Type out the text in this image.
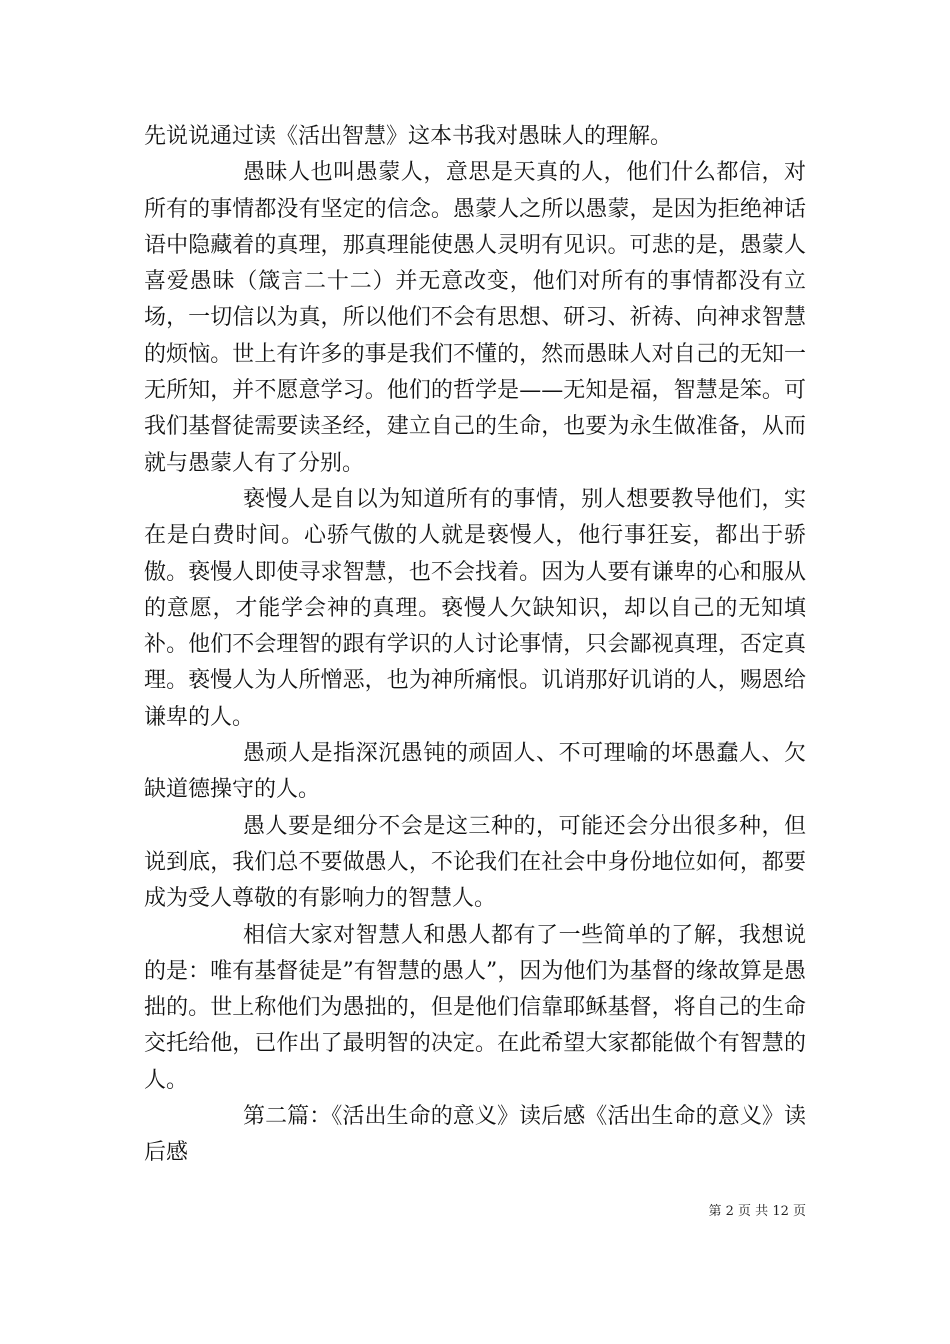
先说说通过读《活出智慧》这本书我对愚昧人的理解。

愚昧人也叫愚蒙人，意思是天真的人，他们什么都信，对所有的事情都没有坚定的信念。愚蒙人之所以愚蒙，是因为拒绝神话语中隐藏着的真理，那真理能使愚人灵明有见识。可悲的是，愚蒙人喜爱愚昧（箴言二十二）并无意改变，他们对所有的事情都没有立场，一切信以为真，所以他们不会有思想、研习、祈祷、向神求智慧的烦恼。世上有许多的事是我们不懂的，然而愚昧人对自己的无知一无所知，并不愿意学习。他们的哲学是——无知是福，智慧是笨。可我们基督徒需要读圣经，建立自己的生命，也要为永生做准备，从而就与愚蒙人有了分别。

亵慢人是自以为知道所有的事情，别人想要教导他们，实在是白费时间。心骄气傲的人就是亵慢人，他行事狂妄，都出于骄傲。亵慢人即使寻求智慧，也不会找着。因为人要有谦卑的心和服从的意愿，才能学会神的真理。亵慢人欠缺知识，却以自己的无知填补。他们不会理智的跟有学识的人讨论事情，只会鄙视真理，否定真理。亵慢人为人所憎恶，也为神所痛恨。讥诮那好讥诮的人，赐恩给谦卑的人。

愚顽人是指深沉愚钝的顽固人、不可理喻的坏愚蠢人、欠缺道德操守的人。

愚人要是细分不会是这三种的，可能还会分出很多种，但说到底，我们总不要做愚人，不论我们在社会中身份地位如何，都要成为受人尊敬的有影响力的智慧人。

相信大家对智慧人和愚人都有了一些简单的了解，我想说的是：唯有基督徒是”有智慧的愚人”，因为他们为基督的缘故算是愚拙的。世上称他们为愚拙的，但是他们信靠耶稣基督，将自己的生命交托给他，已作出了最明智的决定。在此希望大家都能做个有智慧的人。

第二篇：《活出生命的意义》读后感《活出生命的意义》读后感

第 2 页 共 12 页
